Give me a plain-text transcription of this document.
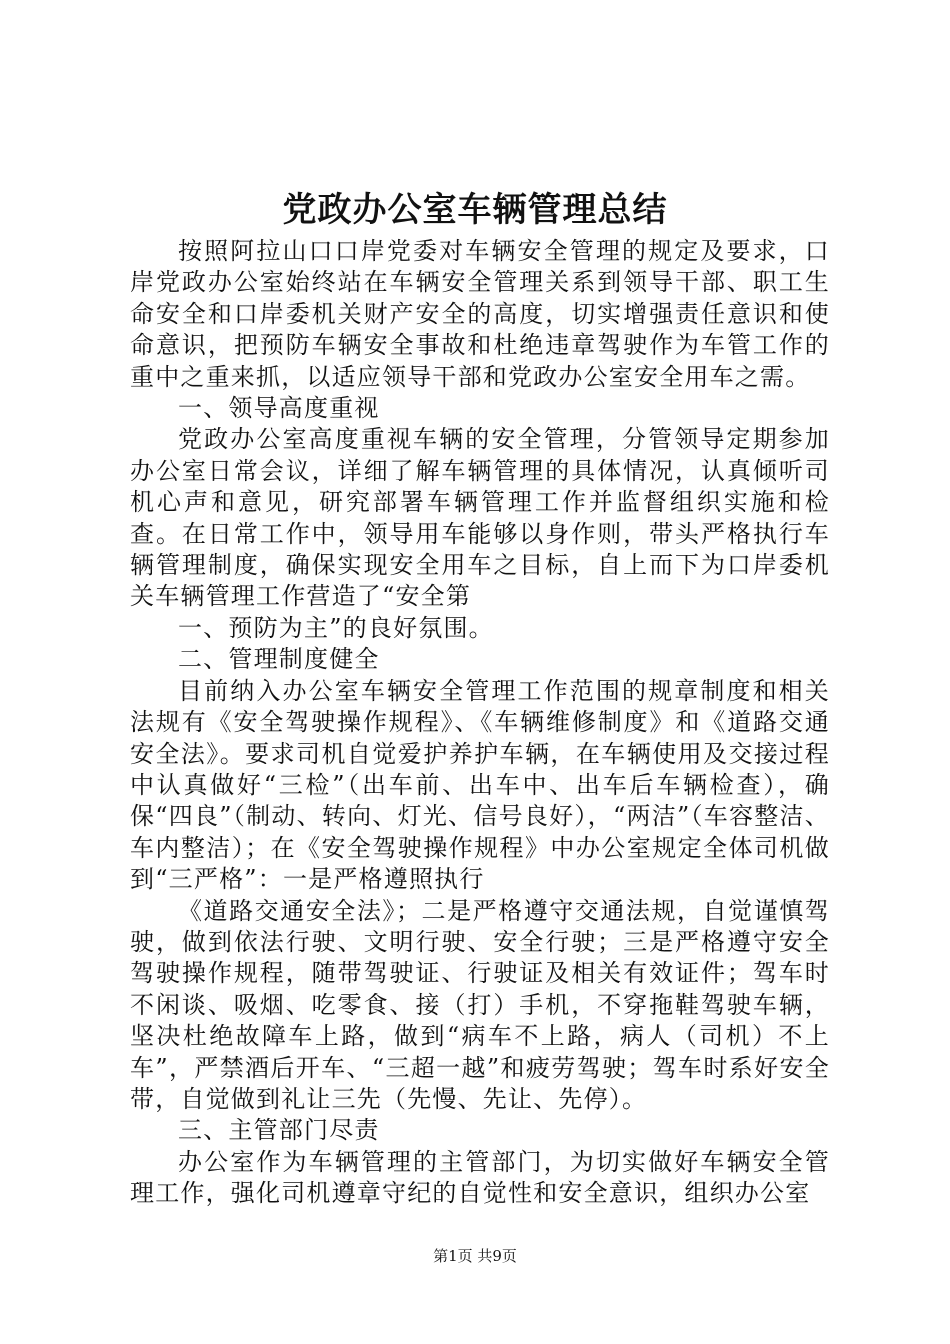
党政办公室车辆管理总结

按照阿拉山口口岸党委对车辆安全管理的规定及要求，口岸党政办公室始终站在车辆安全管理关系到领导干部、职工生命安全和口岸委机关财产安全的高度，切实增强责任意识和使命意识，把预防车辆安全事故和杜绝违章驾驶作为车管工作的重中之重来抓，以适应领导干部和党政办公室安全用车之需。

一、领导高度重视

党政办公室高度重视车辆的安全管理，分管领导定期参加办公室日常会议，详细了解车辆管理的具体情况，认真倾听司机心声和意见，研究部署车辆管理工作并监督组织实施和检查。在日常工作中，领导用车能够以身作则，带头严格执行车辆管理制度，确保实现安全用车之目标，自上而下为口岸委机关车辆管理工作营造了“安全第

一、预防为主”的良好氛围。

二、管理制度健全

目前纳入办公室车辆安全管理工作范围的规章制度和相关法规有《安全驾驶操作规程》、《车辆维修制度》和《道路交通安全法》。要求司机自觉爱护养护车辆，在车辆使用及交接过程中认真做好“三检”（出车前、出车中、出车后车辆检查），确保“四良”（制动、转向、灯光、信号良好），“两洁”（车容整洁、车内整洁）；在《安全驾驶操作规程》中办公室规定全体司机做到“三严格”：一是严格遵照执行

《道路交通安全法》；二是严格遵守交通法规，自觉谨慎驾驶，做到依法行驶、文明行驶、安全行驶；三是严格遵守安全驾驶操作规程，随带驾驶证、行驶证及相关有效证件；驾车时不闲谈、吸烟、吃零食、接（打）手机，不穿拖鞋驾驶车辆，坚决杜绝故障车上路，做到“病车不上路，病人（司机）不上车”，严禁酒后开车、“三超一越”和疲劳驾驶；驾车时系好安全带，自觉做到礼让三先（先慢、先让、先停）。

三、主管部门尽责

办公室作为车辆管理的主管部门，为切实做好车辆安全管理工作，强化司机遵章守纪的自觉性和安全意识，组织办公室

第1页 共9页
